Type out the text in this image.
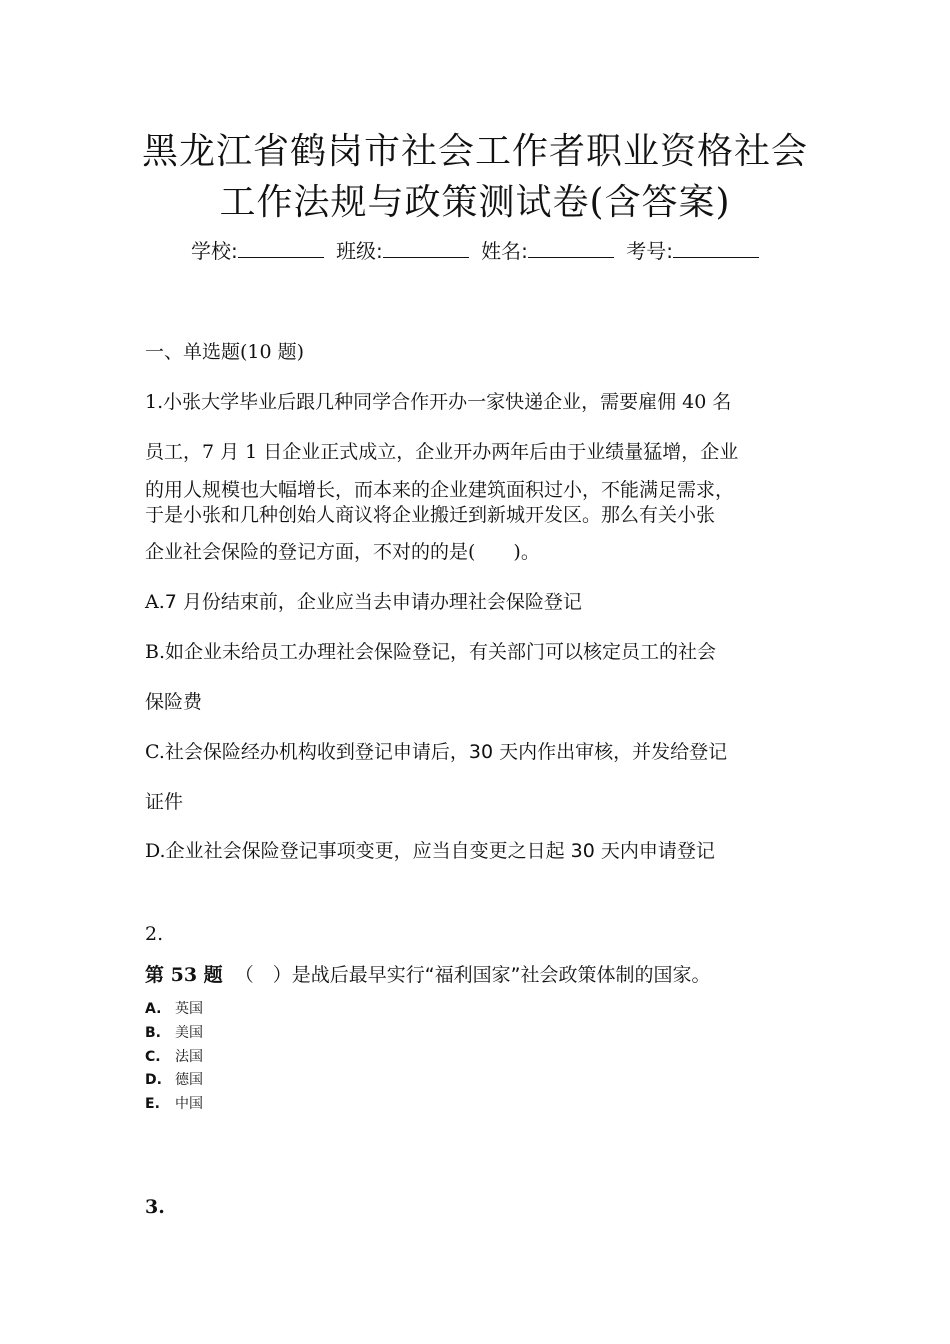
黑龙江省鹤岗市社会工作者职业资格社会
工作法规与政策测试卷(含答案)
学校:	班级:	姓名:	考号:
一、单选题(10 题)
1.小张大学毕业后跟几种同学合作开办一家快递企业，需要雇佣 40 名
员工，7 月 1 日企业正式成立，企业开办两年后由于业绩量猛增，企业
的用人规模也大幅增长，而本来的企业建筑面积过小，不能满足需求，
于是小张和几种创始人商议将企业搬迁到新城开发区。那么有关小张
企业社会保险的登记方面，不对的的是(　　)。
A.7 月份结束前，企业应当去申请办理社会保险登记
B.如企业未给员工办理社会保险登记，有关部门可以核定员工的社会
保险费
C.社会保险经办机构收到登记申请后，30 天内作出审核，并发给登记
证件
D.企业社会保险登记事项变更，应当自变更之日起 30 天内申请登记
2.
第 53 题 （　）是战后最早实行“福利国家”社会政策体制的国家。
A. 英国
B. 美国
C. 法国
D. 德国
E. 中国
3.
